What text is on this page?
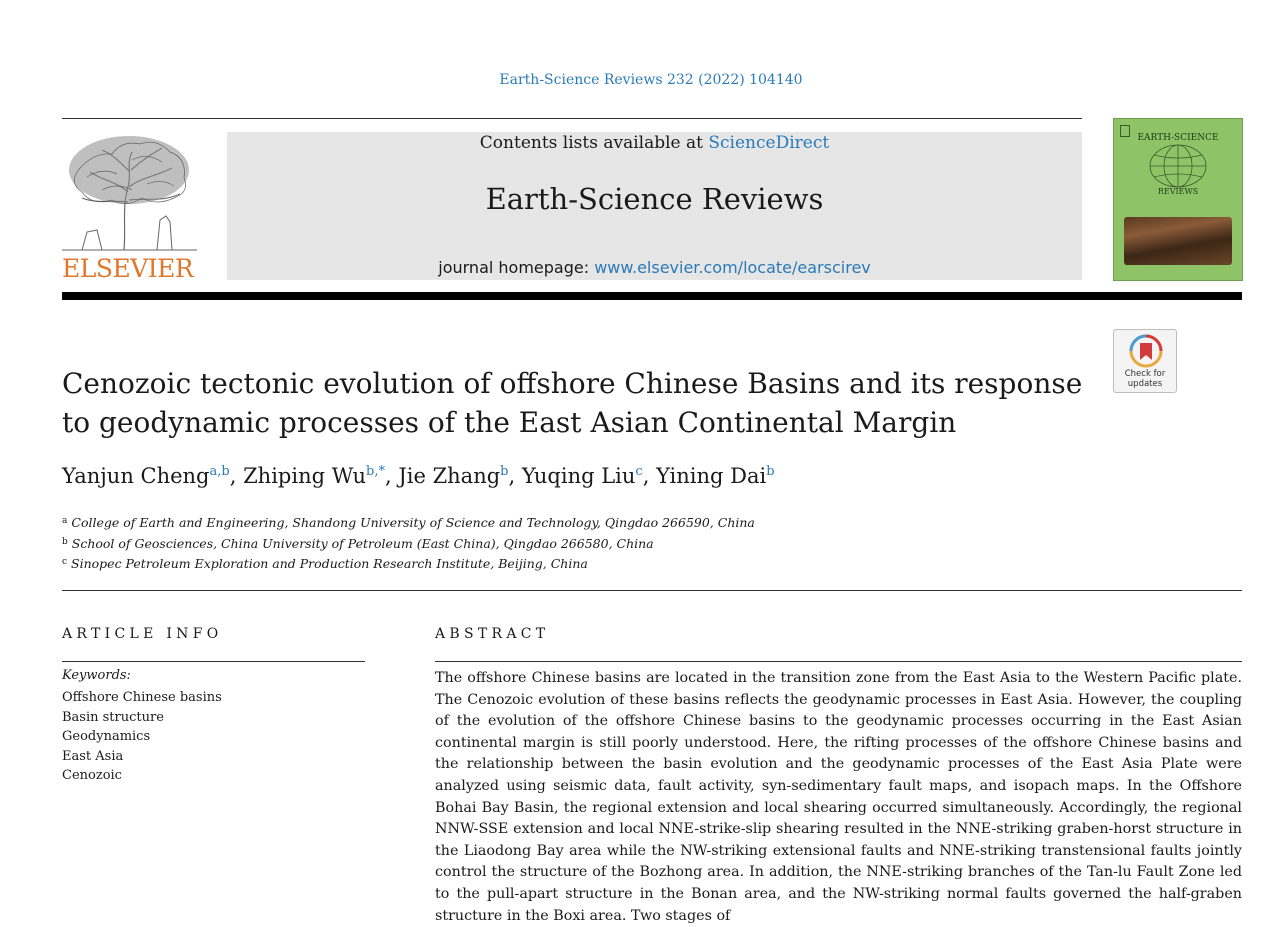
Earth-Science Reviews 232 (2022) 104140
ELSEVIER
Contents lists available at ScienceDirect
Earth-Science Reviews
journal homepage: www.elsevier.com/locate/earscirev
EARTH-SCIENCE
REVIEWS
Check for
updates
Cenozoic tectonic evolution of offshore Chinese Basins and its response to geodynamic processes of the East Asian Continental Margin
Yanjun Cheng$^{a,b}$, Zhiping $Wu^{b,*}$, Jie Zhang$^b$, Yuqing Liu$^c$, Yining Dai$^b$
$^a$ College of Earth and Engineering, Shandong University of Science and Technology, Qingdao 266590, China
$^b$ School of Geosciences, China University of Petroleum (East China), Qingdao 266580, China
$^c$ Sinopec Petroleum Exploration and Production Research Institute, Beijing, China
ARTICLE INFO
Keywords:
Offshore Chinese basins
Basin structure
Geodynamics
East Asia
Cenozoic
ABSTRACT

The offshore Chinese basins are located in the transition zone from the East Asia to the Western Pacific plate. The Cenozoic evolution of these basins reflects the geodynamic processes in East Asia. However, the coupling of the evolution of the offshore Chinese basins to the geodynamic processes occurring in the East Asian continental margin is still poorly understood. Here, the rifting processes of the offshore Chinese basins and the relationship between the basin evolution and the geodynamic processes of the East Asia Plate were analyzed using seismic data, fault activity, syn-sedimentary fault maps, and isopach maps. In the Offshore Bohai Bay Basin, the regional extension and local shearing occurred simultaneously. Accordingly, the regional NNW-SSE extension and local NNE-strike-slip shearing resulted in the NNE-striking graben-horst structure in the Liaodong Bay area while the NW-striking extensional faults and NNE-striking transtensional faults jointly control the structure of the Bozhong area. In addition, the NNE-striking branches of the Tan-lu Fault Zone led to the pull-apart structure in the Bonan area, and the NW-striking normal faults governed the half-graben structure in the Boxi area. Two stages of
